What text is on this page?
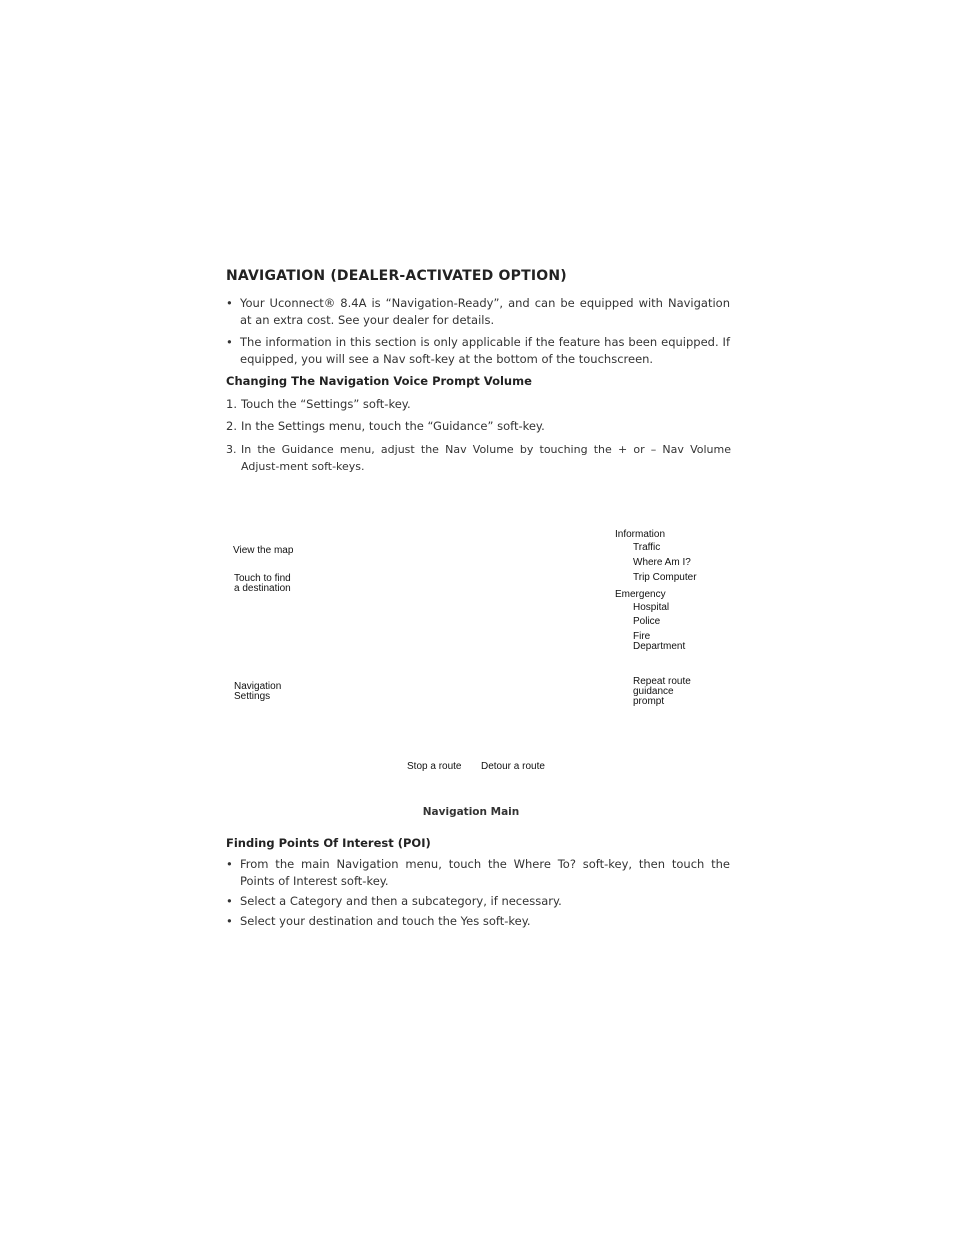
NAVIGATION (DEALER-ACTIVATED OPTION)
• Your Uconnect® 8.4A is “Navigation-Ready”, and can be equipped with Navigation at an extra cost. See your dealer for details.
• The information in this section is only applicable if the feature has been equipped. If equipped, you will see a Nav soft-key at the bottom of the touchscreen.
Changing The Navigation Voice Prompt Volume
1. Touch the “Settings” soft-key.
2. In the Settings menu, touch the “Guidance” soft-key.
3. In the Guidance menu, adjust the Nav Volume by touching the + or – Nav Volume Adjust-ment soft-keys.
View the map
Touch to find
a destination
Navigation
Settings
Information
Traffic
Where Am I?
Trip Computer
Emergency
Hospital
Police
Fire
Department
Repeat route
guidance
prompt
Stop a route Detour a route
Navigation Main
Finding Points Of Interest (POI)
• From the main Navigation menu, touch the Where To? soft-key, then touch the Points of Interest soft-key.
• Select a Category and then a subcategory, if necessary.
• Select your destination and touch the Yes soft-key.
